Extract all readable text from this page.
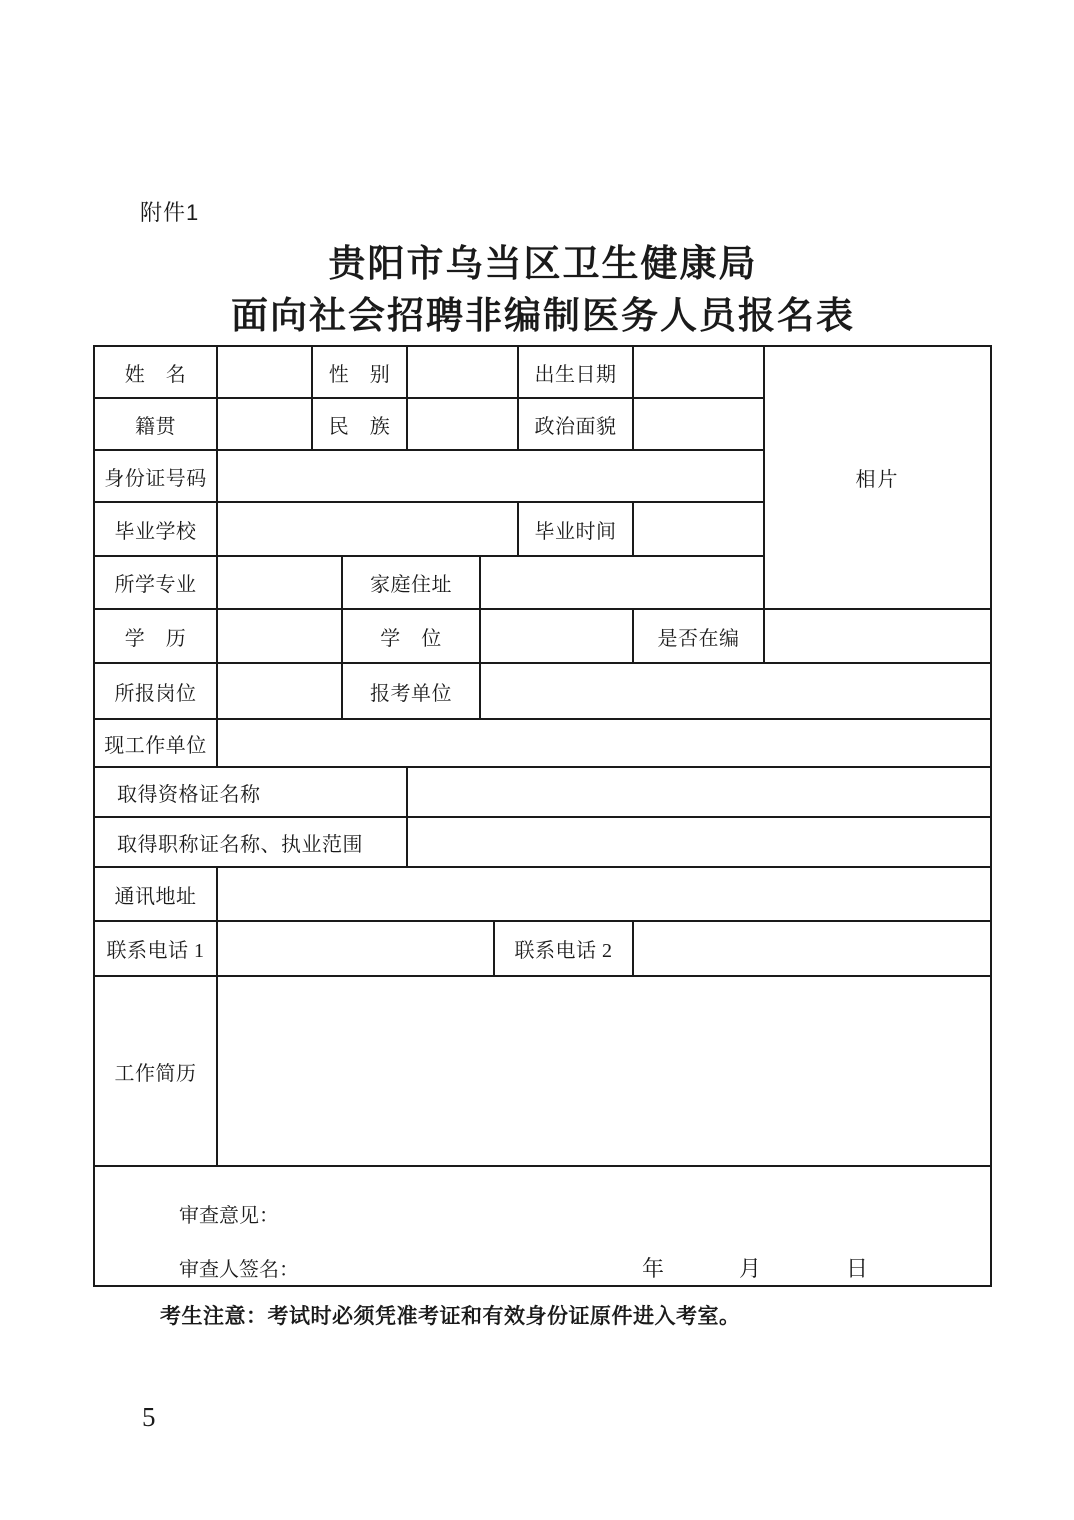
附件1
贵阳市乌当区卫生健康局
面向社会招聘非编制医务人员报名表
姓　名		性　别					出生日期		相片
籍贯		民　族					政治面貌		
身份证号码									
毕业学校							毕业时间		
所学专业			家庭住址						
学　历			学　位					是否在编	
所报岗位			报考单位						
现工作单位									
取得资格证名称									
取得职称证名称、执业范围									
通讯地址									
联系电话 1						联系电话 2			
工作简历									

审查意见：
审查人签名： 年 月 日									
考生注意：考试时必须凭准考证和有效身份证原件进入考室。
5
